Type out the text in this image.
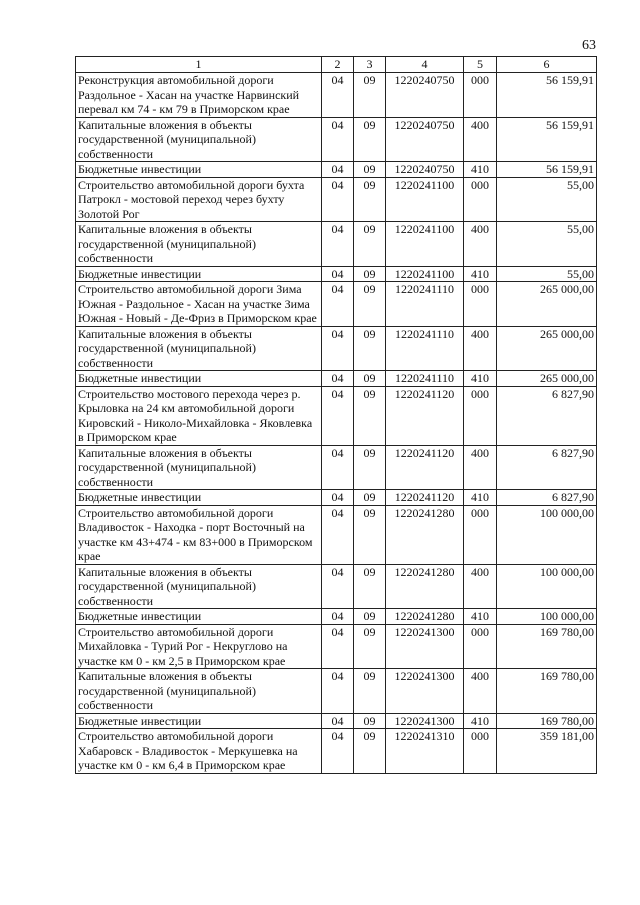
63
1	2	3	4	5	6
Реконструкция автомобильной дороги Раздольное - Хасан на участке Нарвинский перевал км 74 - км 79 в Приморском крае	04	09	1220240750	000	56 159,91
Капитальные вложения в объекты государственной (муниципальной) собственности	04	09	1220240750	400	56 159,91
Бюджетные инвестиции	04	09	1220240750	410	56 159,91
Строительство автомобильной дороги бухта Патрокл - мостовой переход через бухту Золотой Рог	04	09	1220241100	000	55,00
Капитальные вложения в объекты государственной (муниципальной) собственности	04	09	1220241100	400	55,00
Бюджетные инвестиции	04	09	1220241100	410	55,00
Строительство автомобильной дороги Зима Южная - Раздольное - Хасан на участке Зима Южная - Новый - Де-Фриз в Приморском крае	04	09	1220241110	000	265 000,00
Капитальные вложения в объекты государственной (муниципальной) собственности	04	09	1220241110	400	265 000,00
Бюджетные инвестиции	04	09	1220241110	410	265 000,00
Строительство мостового перехода через р. Крыловка на 24 км автомобильной дороги Кировский - Николо-Михайловка - Яковлевка в Приморском крае	04	09	1220241120	000	6 827,90
Капитальные вложения в объекты государственной (муниципальной) собственности	04	09	1220241120	400	6 827,90
Бюджетные инвестиции	04	09	1220241120	410	6 827,90
Строительство автомобильной дороги Владивосток - Находка - порт Восточный на участке км 43+474 - км 83+000 в Приморском крае	04	09	1220241280	000	100 000,00
Капитальные вложения в объекты государственной (муниципальной) собственности	04	09	1220241280	400	100 000,00
Бюджетные инвестиции	04	09	1220241280	410	100 000,00
Строительство автомобильной дороги Михайловка - Турий Рог - Некруглово на участке км 0 - км 2,5 в Приморском крае	04	09	1220241300	000	169 780,00
Капитальные вложения в объекты государственной (муниципальной) собственности	04	09	1220241300	400	169 780,00
Бюджетные инвестиции	04	09	1220241300	410	169 780,00
Строительство автомобильной дороги Хабаровск - Владивосток - Меркушевка на участке км 0 - км 6,4 в Приморском крае	04	09	1220241310	000	359 181,00
